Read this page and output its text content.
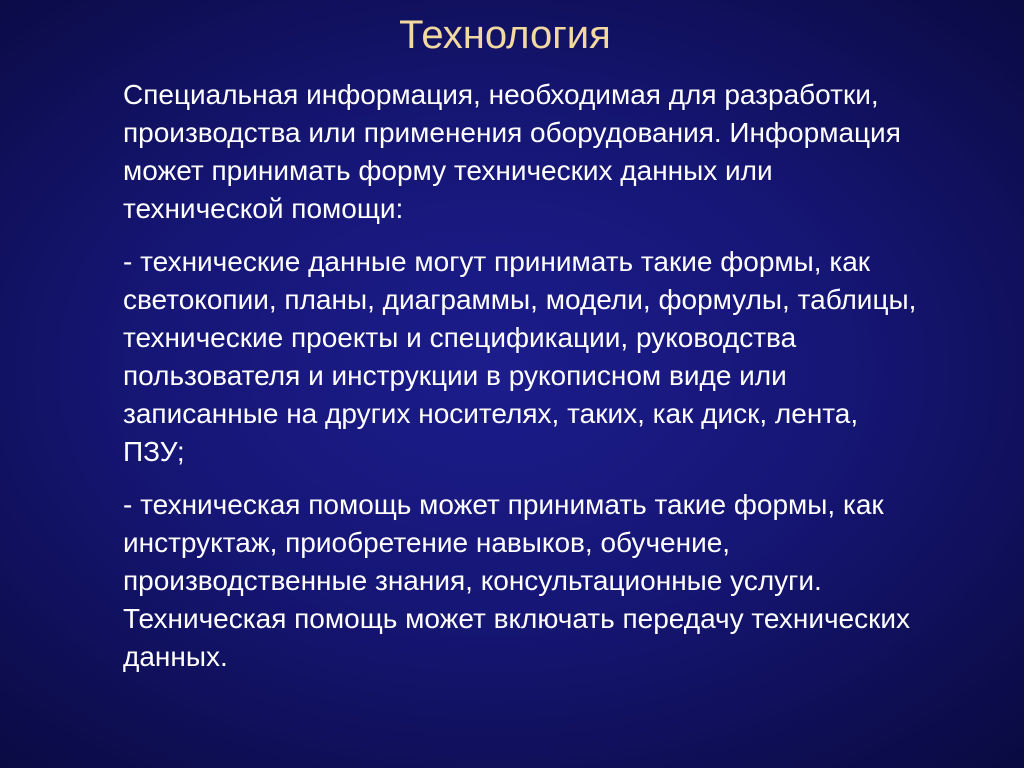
Технология

Специальная информация, необходимая для разработки,
производства или применения оборудования. Информация
может принимать форму технических данных или
технической помощи:

- технические данные могут принимать такие формы, как
светокопии, планы, диаграммы, модели, формулы, таблицы,
технические проекты и спецификации, руководства
пользователя и инструкции в рукописном виде или
записанные на других носителях, таких, как диск, лента,
ПЗУ;

- техническая помощь может принимать такие формы, как
инструктаж, приобретение навыков, обучение,
производственные знания, консультационные услуги.
Техническая помощь может включать передачу технических
данных.
